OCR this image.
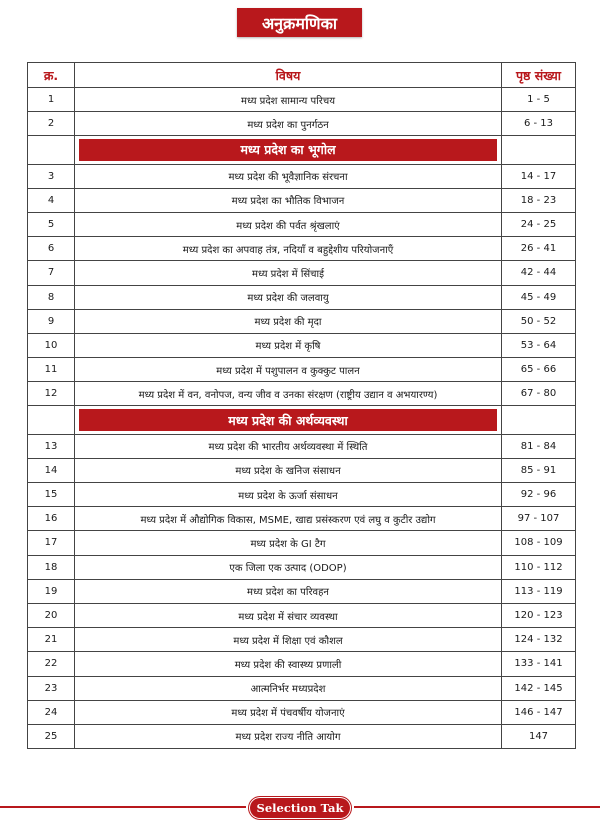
अनुक्रमणिका
क्र.	विषय	पृष्ठ संख्या
1	मध्य प्रदेश सामान्य परिचय	1 - 5
2	मध्य प्रदेश का पुनर्गठन	6 - 13

मध्य प्रदेश का भूगोल	

3	मध्य प्रदेश की भूवैज्ञानिक संरचना	14 - 17
4	मध्य प्रदेश का भौतिक विभाजन	18 - 23
5	मध्य प्रदेश की पर्वत श्रृंखलाएं	24 - 25
6	मध्य प्रदेश का अपवाह तंत्र, नदियाँ व बहुद्देशीय परियोजनाएँ	26 - 41
7	मध्य प्रदेश में सिंचाई	42 - 44
8	मध्य प्रदेश की जलवायु	45 - 49
9	मध्य प्रदेश की मृदा	50 - 52
10	मध्य प्रदेश में कृषि	53 - 64
11	मध्य प्रदेश में पशुपालन व कुक्कुट पालन	65 - 66
12	मध्य प्रदेश में वन, वनोपज, वन्य जीव व उनका संरक्षण (राष्ट्रीय उद्यान व अभयारण्य)	67 - 80

मध्य प्रदेश की अर्थव्यवस्था	

13	मध्य प्रदेश की भारतीय अर्थव्यवस्था में स्थिति	81 - 84
14	मध्य प्रदेश के खनिज संसाधन	85 - 91
15	मध्य प्रदेश के ऊर्जा संसाधन	92 - 96
16	मध्य प्रदेश में औद्योगिक विकास, MSME, खाद्य प्रसंस्करण एवं लघु व कुटीर उद्योग	97 - 107
17	मध्य प्रदेश के GI टैग	108 - 109
18	एक जिला एक उत्पाद (ODOP)	110 - 112
19	मध्य प्रदेश का परिवहन	113 - 119
20	मध्य प्रदेश में संचार व्यवस्था	120 - 123
21	मध्य प्रदेश में शिक्षा एवं कौशल	124 - 132
22	मध्य प्रदेश की स्वास्थ्य प्रणाली	133 - 141
23	आत्मनिर्भर मध्यप्रदेश	142 - 145
24	मध्य प्रदेश में पंचवर्षीय योजनाएं	146 - 147
25	मध्य प्रदेश राज्य नीति आयोग	147
Selection Tak
